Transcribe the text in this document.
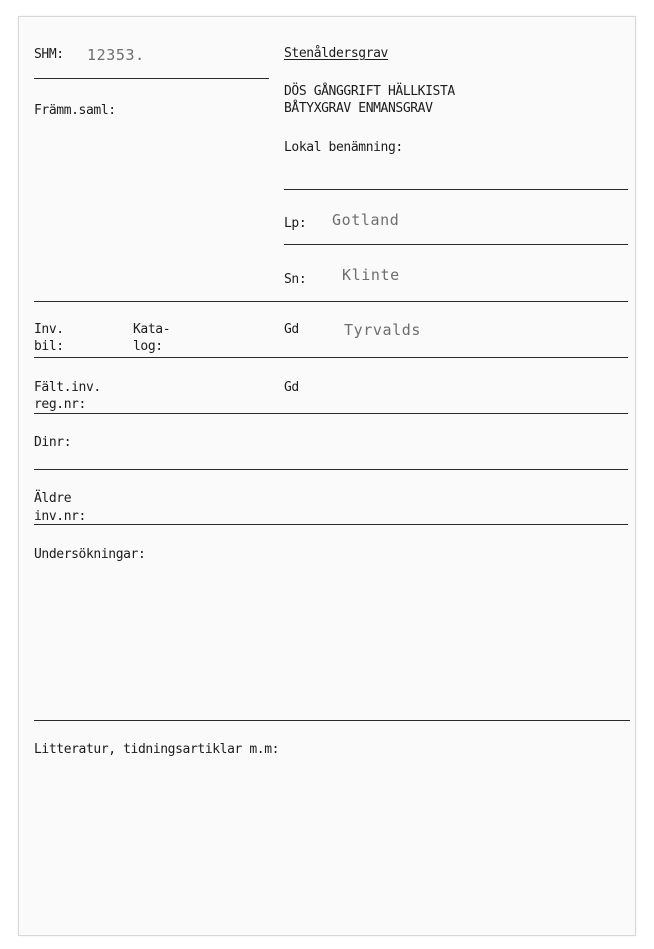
SHM: 12353.
Främm.saml:
Stenåldersgrav
DÖS GÅNGGRIFT HÄLLKISTA
BÅTYXGRAV ENMANSGRAV
Lokal benämning:
Lp: Gotland
Sn: Klinte
Inv.
bil:
Kata-
log:
Gd	Tyrvalds
Fält.inv.
reg.nr:
Gd
Dinr:
Äldre
inv.nr:
Undersökningar:
Litteratur, tidningsartiklar m.m:
